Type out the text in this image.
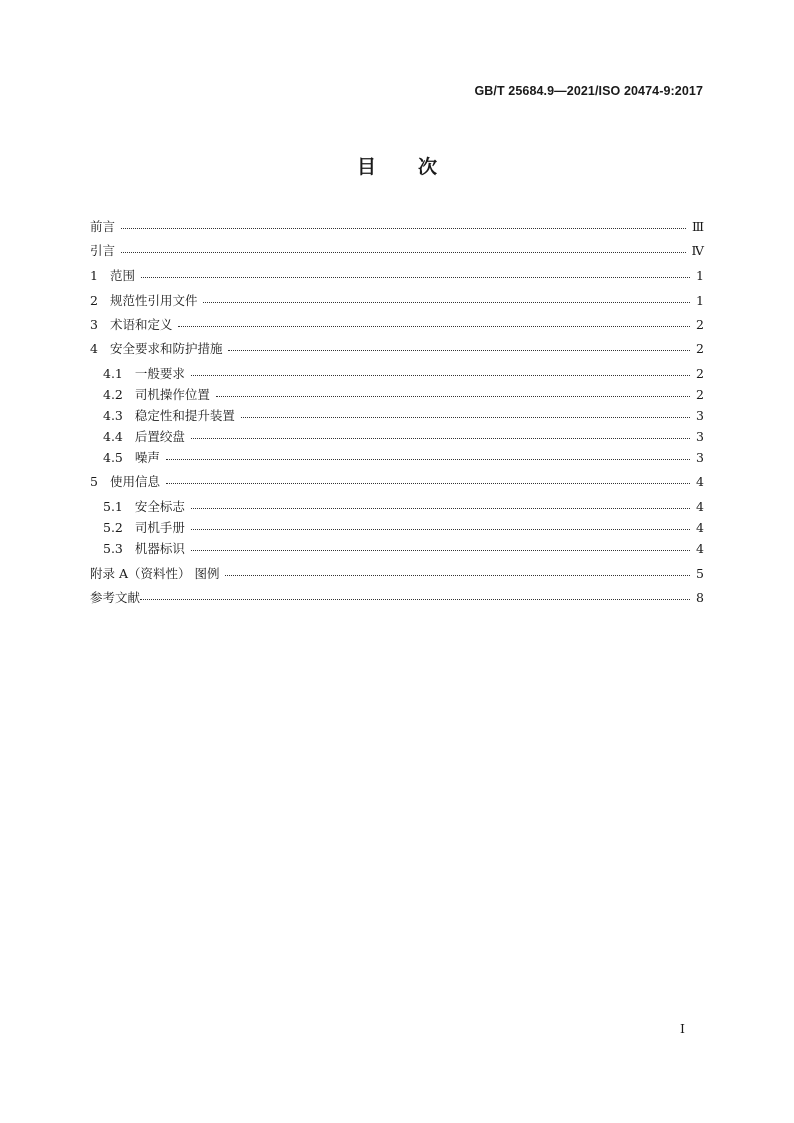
GB/T 25684.9—2021/ISO 20474-9:2017
目 次
前言	Ⅲ
引言	Ⅳ
1 范围	1
2 规范性引用文件	1
3 术语和定义	2
4 安全要求和防护措施	2
4.1 一般要求	2
4.2 司机操作位置	2
4.3 稳定性和提升装置	3
4.4 后置绞盘	3
4.5 噪声	3
5 使用信息	4
5.1 安全标志	4
5.2 司机手册	4
5.3 机器标识	4
附录 A（资料性） 图例	5
参考文献	8
I
